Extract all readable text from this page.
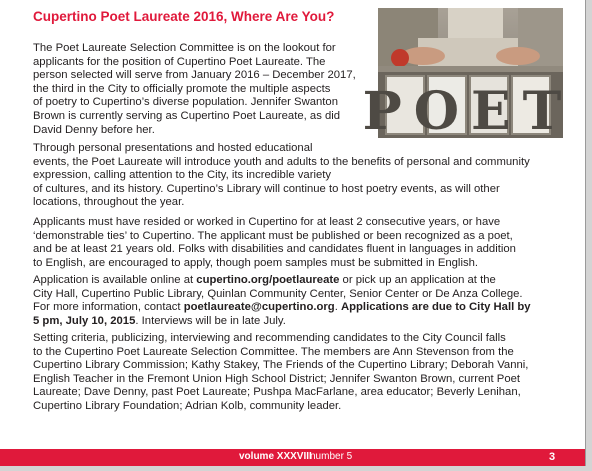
Cupertino Poet Laureate 2016, Where Are You?
POET

The Poet Laureate Selection Committee is on the lookout for
applicants for the position of Cupertino Poet Laureate. The
person selected will serve from January 2016 – December 2017,
the third in the City to officially promote the multiple aspects
of poetry to Cupertino’s diverse population. Jennifer Swanton
Brown is currently serving as Cupertino Poet Laureate, as did
David Denny before her.

Through personal presentations and hosted educational
events, the Poet Laureate will introduce youth and adults to the benefits of personal and community
expression, calling attention to the City, its incredible variety
of cultures, and its history. Cupertino’s Library will continue to host poetry events, as will other
locations, throughout the year.

Applicants must have resided or worked in Cupertino for at least 2 consecutive years, or have
‘demonstrable ties’ to Cupertino. The applicant must be published or been recognized as a poet,
and be at least 21 years old. Folks with disabilities and candidates fluent in languages in addition
to English, are encouraged to apply, though poem samples must be submitted in English.

Application is available online at cupertino.org/poetlaureate or pick up an application at the
City Hall, Cupertino Public Library, Quinlan Community Center, Senior Center or De Anza College.
For more information, contact poetlaureate@cupertino.org. Applications are due to City Hall by
5 pm, July 10, 2015. Interviews will be in late July.

Setting criteria, publicizing, interviewing and recommending candidates to the City Council falls
to the Cupertino Poet Laureate Selection Committee. The members are Ann Stevenson from the
Cupertino Library Commission; Kathy Stakey, The Friends of the Cupertino Library; Deborah Vanni,
English Teacher in the Fremont Union High School District; Jennifer Swanton Brown, current Poet
Laureate; Dave Denny, past Poet Laureate; Pushpa MacFarlane, area educator; Beverly Lenihan,
Cupertino Library Foundation; Adrian Kolb, community leader.

volume XXXVIII
number 5	3
